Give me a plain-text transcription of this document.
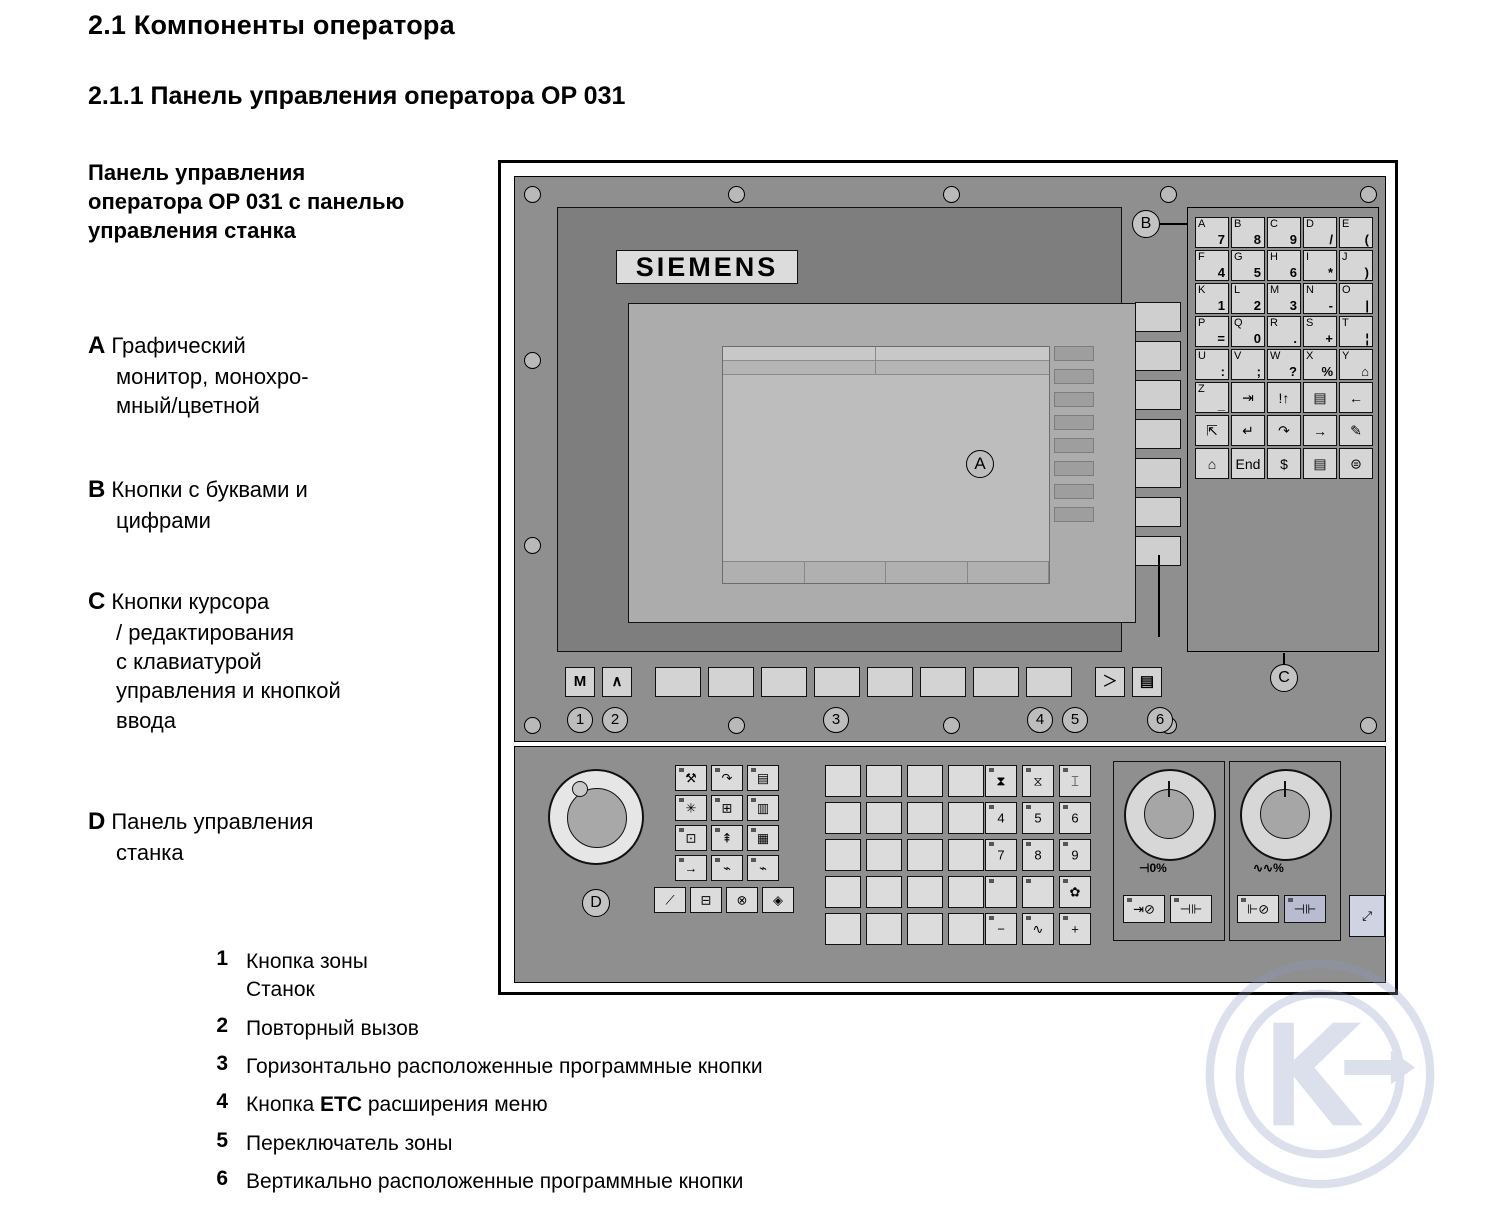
2.1 Компоненты оператора
2.1.1 Панель управления оператора OP 031
Панель управления оператора OP 031 с панелью управления станка
A Графический
монитор, монохро-
мный/цветной
B Кнопки с буквами и
цифрами
C Кнопки курсора
/ редактирования
с клавиатурой
управления и кнопкой
ввода
D Панель управления
станка
1 Кнопка зоны
Станок
2 Повторный вызов
3 Горизонтально расположенные программные кнопки
4 Кнопка ETC расширения меню
5 Переключатель зоны
6 Вертикально расположенные программные кнопки
SIEMENS
A
M	∧	＞	▤
1	2	3	4	5	6
A
7
B
8
C
9
D
/
E
(
F
4
G
5
H
6
I
*
J
)
K
1
L
2
M
3
N
-
O
|
P
=
Q
0
R
.
S
+
T
¦
U
:
V
;
W
?
X
%
Y
⌂
Z
_	⇥	!↑	▤	←
⇱	↵	↷	→	✎
⌂	End	$	▤	⊜
B
C
D
⚒	↷	▤
✳	⊞	▥
⊡	⇞	▦
→	⌁	⌁
⟋	⊟	⊗	◈
⧗	⧖	⌶
4	5	6
7	8	9
✿
−	∿	+
⊣0%
⇥⊘	⊣⊩
∿∿%
⊩⊘	⊣⊩	⤢
